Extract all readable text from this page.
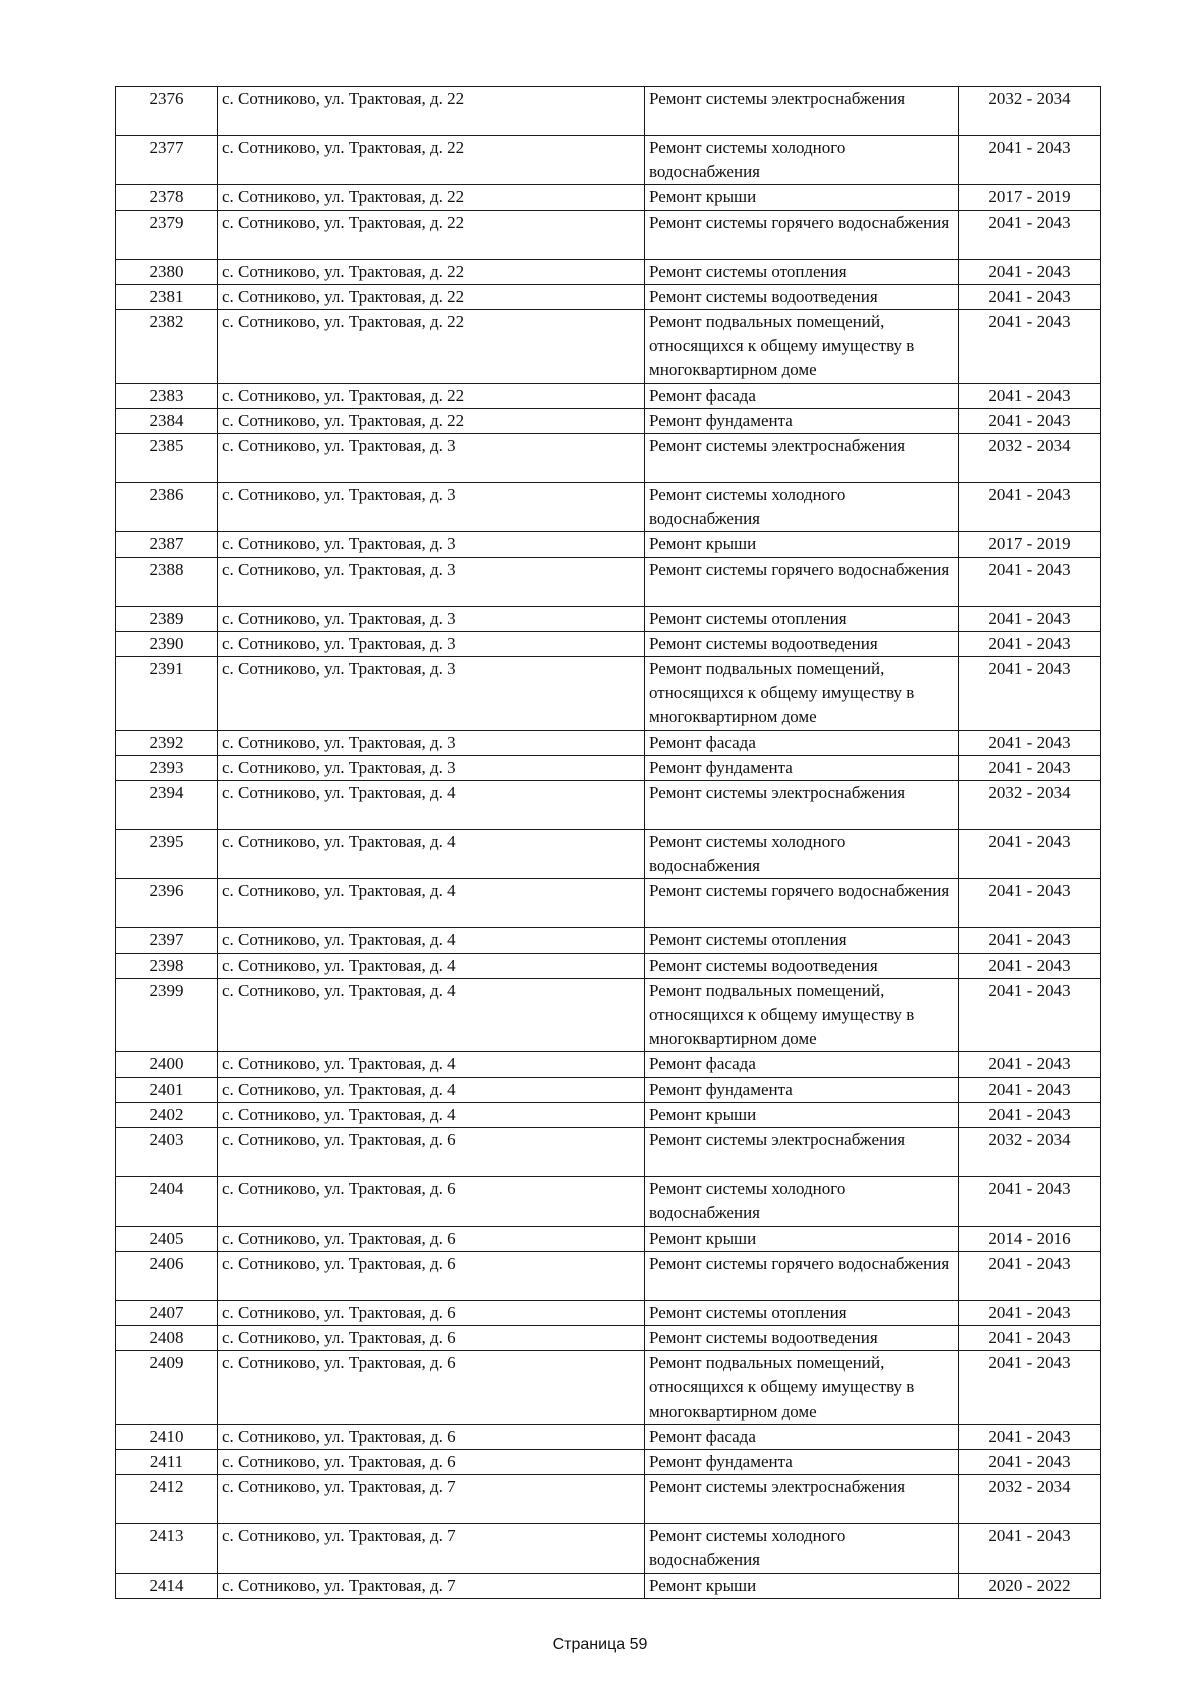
2376	с. Сотниково, ул. Трактовая, д. 22	Ремонт системы электроснабжения	2032 - 2034
2377	с. Сотниково, ул. Трактовая, д. 22	Ремонт системы холодного водоснабжения	2041 - 2043
2378	с. Сотниково, ул. Трактовая, д. 22	Ремонт крыши	2017 - 2019
2379	с. Сотниково, ул. Трактовая, д. 22	Ремонт системы горячего водоснабжения	2041 - 2043
2380	с. Сотниково, ул. Трактовая, д. 22	Ремонт системы отопления	2041 - 2043
2381	с. Сотниково, ул. Трактовая, д. 22	Ремонт системы водоотведения	2041 - 2043
2382	с. Сотниково, ул. Трактовая, д. 22	Ремонт подвальных помещений, относящихся к общему имуществу в многоквартирном доме	2041 - 2043
2383	с. Сотниково, ул. Трактовая, д. 22	Ремонт фасада	2041 - 2043
2384	с. Сотниково, ул. Трактовая, д. 22	Ремонт фундамента	2041 - 2043
2385	с. Сотниково, ул. Трактовая, д. 3	Ремонт системы электроснабжения	2032 - 2034
2386	с. Сотниково, ул. Трактовая, д. 3	Ремонт системы холодного водоснабжения	2041 - 2043
2387	с. Сотниково, ул. Трактовая, д. 3	Ремонт крыши	2017 - 2019
2388	с. Сотниково, ул. Трактовая, д. 3	Ремонт системы горячего водоснабжения	2041 - 2043
2389	с. Сотниково, ул. Трактовая, д. 3	Ремонт системы отопления	2041 - 2043
2390	с. Сотниково, ул. Трактовая, д. 3	Ремонт системы водоотведения	2041 - 2043
2391	с. Сотниково, ул. Трактовая, д. 3	Ремонт подвальных помещений, относящихся к общему имуществу в многоквартирном доме	2041 - 2043
2392	с. Сотниково, ул. Трактовая, д. 3	Ремонт фасада	2041 - 2043
2393	с. Сотниково, ул. Трактовая, д. 3	Ремонт фундамента	2041 - 2043
2394	с. Сотниково, ул. Трактовая, д. 4	Ремонт системы электроснабжения	2032 - 2034
2395	с. Сотниково, ул. Трактовая, д. 4	Ремонт системы холодного водоснабжения	2041 - 2043
2396	с. Сотниково, ул. Трактовая, д. 4	Ремонт системы горячего водоснабжения	2041 - 2043
2397	с. Сотниково, ул. Трактовая, д. 4	Ремонт системы отопления	2041 - 2043
2398	с. Сотниково, ул. Трактовая, д. 4	Ремонт системы водоотведения	2041 - 2043
2399	с. Сотниково, ул. Трактовая, д. 4	Ремонт подвальных помещений, относящихся к общему имуществу в многоквартирном доме	2041 - 2043
2400	с. Сотниково, ул. Трактовая, д. 4	Ремонт фасада	2041 - 2043
2401	с. Сотниково, ул. Трактовая, д. 4	Ремонт фундамента	2041 - 2043
2402	с. Сотниково, ул. Трактовая, д. 4	Ремонт крыши	2041 - 2043
2403	с. Сотниково, ул. Трактовая, д. 6	Ремонт системы электроснабжения	2032 - 2034
2404	с. Сотниково, ул. Трактовая, д. 6	Ремонт системы холодного водоснабжения	2041 - 2043
2405	с. Сотниково, ул. Трактовая, д. 6	Ремонт крыши	2014 - 2016
2406	с. Сотниково, ул. Трактовая, д. 6	Ремонт системы горячего водоснабжения	2041 - 2043
2407	с. Сотниково, ул. Трактовая, д. 6	Ремонт системы отопления	2041 - 2043
2408	с. Сотниково, ул. Трактовая, д. 6	Ремонт системы водоотведения	2041 - 2043
2409	с. Сотниково, ул. Трактовая, д. 6	Ремонт подвальных помещений, относящихся к общему имуществу в многоквартирном доме	2041 - 2043
2410	с. Сотниково, ул. Трактовая, д. 6	Ремонт фасада	2041 - 2043
2411	с. Сотниково, ул. Трактовая, д. 6	Ремонт фундамента	2041 - 2043
2412	с. Сотниково, ул. Трактовая, д. 7	Ремонт системы электроснабжения	2032 - 2034
2413	с. Сотниково, ул. Трактовая, д. 7	Ремонт системы холодного водоснабжения	2041 - 2043
2414	с. Сотниково, ул. Трактовая, д. 7	Ремонт крыши	2020 - 2022
Страница 59
